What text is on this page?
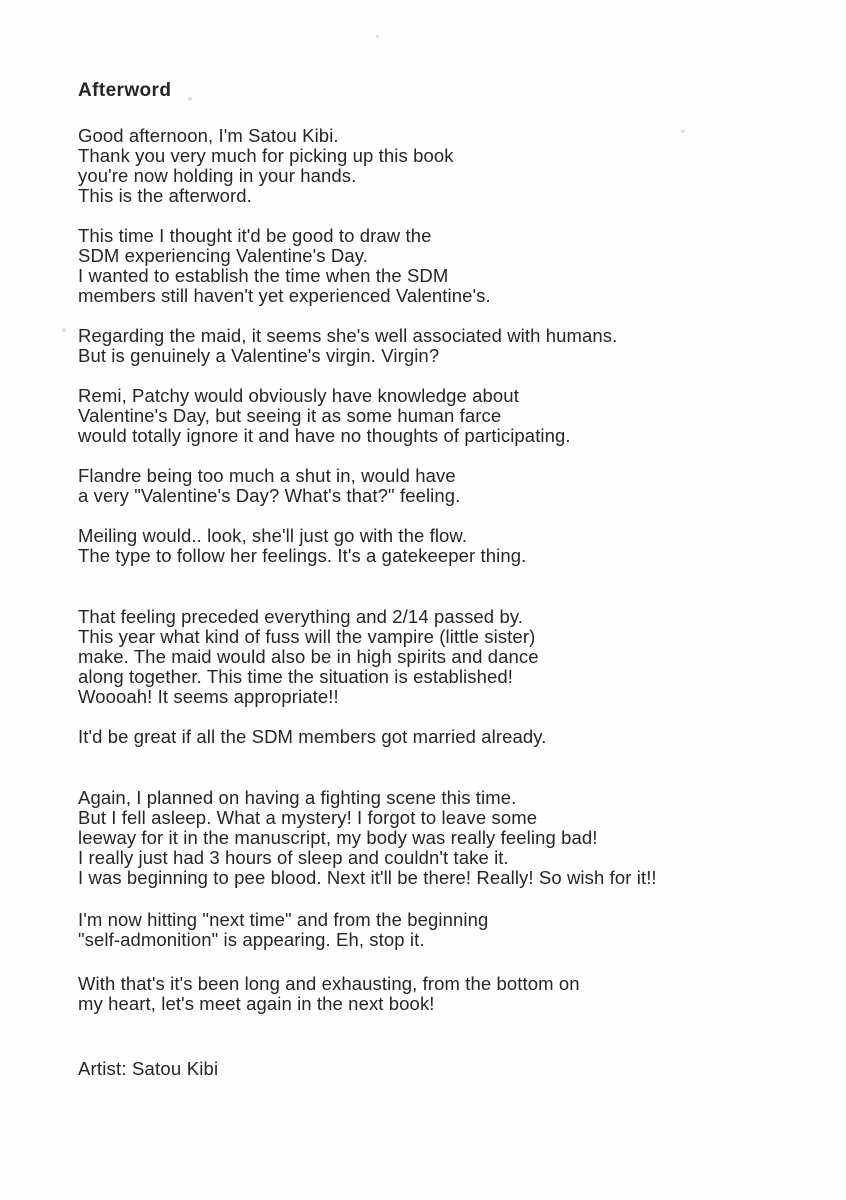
Afterword

Good afternoon, I'm Satou Kibi.
Thank you very much for picking up this book
you're now holding in your hands.
This is the afterword.

This time I thought it'd be good to draw the
SDM experiencing Valentine's Day.
I wanted to establish the time when the SDM
members still haven't yet experienced Valentine's.

Regarding the maid, it seems she's well associated with humans.
But is genuinely a Valentine's virgin. Virgin?

Remi, Patchy would obviously have knowledge about
Valentine's Day, but seeing it as some human farce
would totally ignore it and have no thoughts of participating.

Flandre being too much a shut in, would have
a very "Valentine's Day? What's that?" feeling.

Meiling would.. look, she'll just go with the flow.
The type to follow her feelings. It's a gatekeeper thing.

That feeling preceded everything and 2/14 passed by.
This year what kind of fuss will the vampire (little sister)
make. The maid would also be in high spirits and dance
along together. This time the situation is established!
Woooah! It seems appropriate!!

It'd be great if all the SDM members got married already.

Again, I planned on having a fighting scene this time.
But I fell asleep. What a mystery! I forgot to leave some
leeway for it in the manuscript, my body was really feeling bad!
I really just had 3 hours of sleep and couldn't take it.
I was beginning to pee blood. Next it'll be there! Really! So wish for it!!

I'm now hitting "next time" and from the beginning
"self-admonition" is appearing. Eh, stop it.

With that's it's been long and exhausting, from the bottom on
my heart, let's meet again in the next book!

Artist: Satou Kibi
